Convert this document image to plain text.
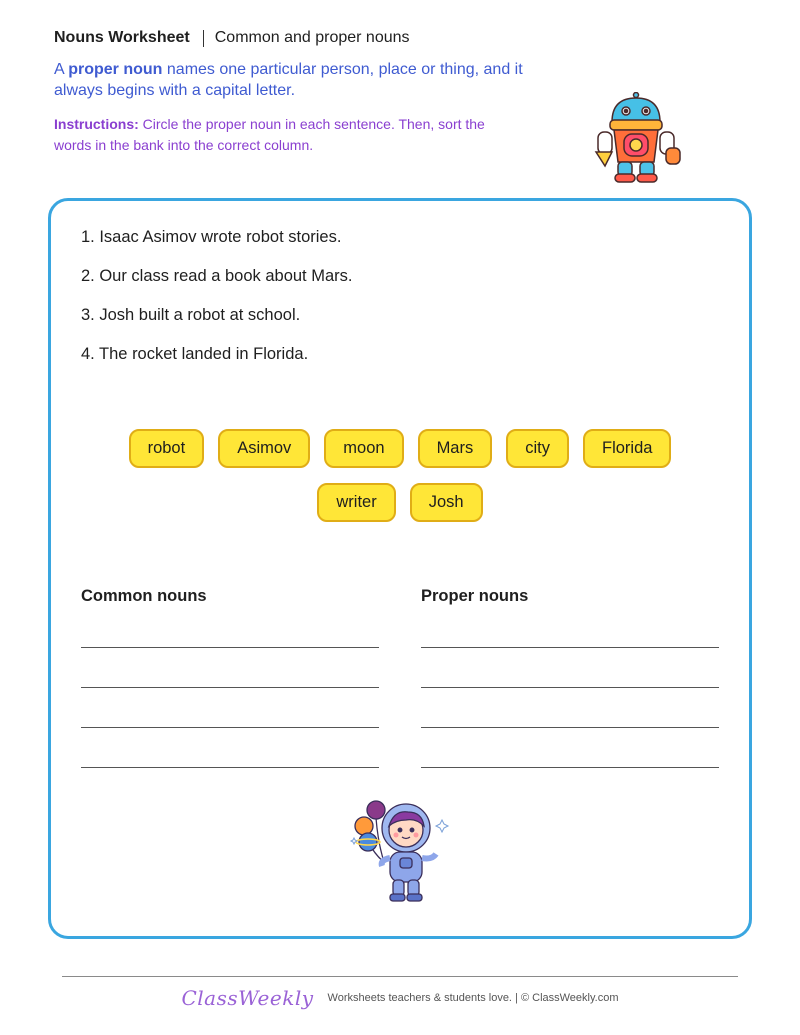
Nouns Worksheet Common and proper nouns

A proper noun names one particular person, place or thing, and it always begins with a capital letter.

Instructions: Circle the proper noun in each sentence. Then, sort the words in the bank into the correct column.

1. Isaac Asimov wrote robot stories.
2. Our class read a book about Mars.
3. Josh built a robot at school.
4. The rocket landed in Florida.
robot	Asimov	moon	Mars	city	Florida
writer	Josh
Common nouns	Proper nouns
ClassWeekly Worksheets teachers & students love. | © ClassWeekly.com
